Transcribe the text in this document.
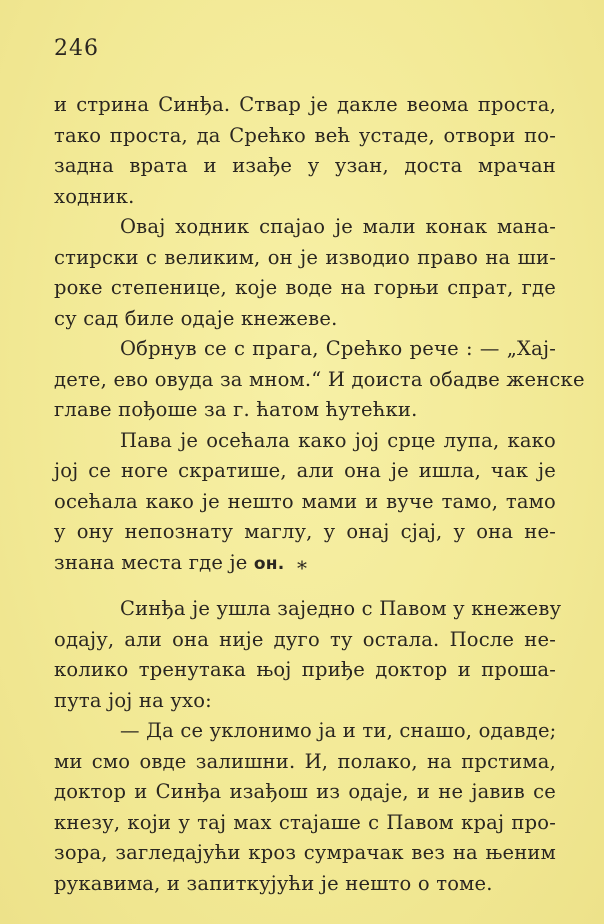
246
и стрина Синђа. Ствар је дакле веома проста,
тако проста, да Срећко већ устаде, отвори по-
задна врата и изађе у узан, доста мрачан
ходник.
Овај ходник спајао је мали конак мана-
стирски с великим, он је изводио право на ши-
роке степенице, које воде на горњи спрат, где
су сад биле одаје кнежеве.
Обрнув се с прага, Срећко рече : — „Хај-
дете, ево овуда за мном.“ И доиста обадве женске
главе пођоше за г. ћатом ћутећки.
Пава је осећала како јој срце лупа, како
јој се ноге скратише, али она је ишла, чак је
осећала како је нешто мами и вуче тамо, тамо
у ону непознату маглу, у онај сјај, у она не-
знана места где је он. *
Синђа је ушла заједно с Павом у кнежеву
одају, али она није дуго ту остала. После не-
колико тренутака њој приђе доктор и проша-
пута јој на ухо:
— Да се уклонимо ја и ти, снашо, одавде;
ми смо овде залишни. И, полако, на прстима,
доктор и Синђа изађош из одаје, и не јавив се
кнезу, који у тај мах стајаше с Павом крај про-
зора, загледајући кроз сумрачак вез на њеним
рукавима, и запиткујући је нешто о томе.
